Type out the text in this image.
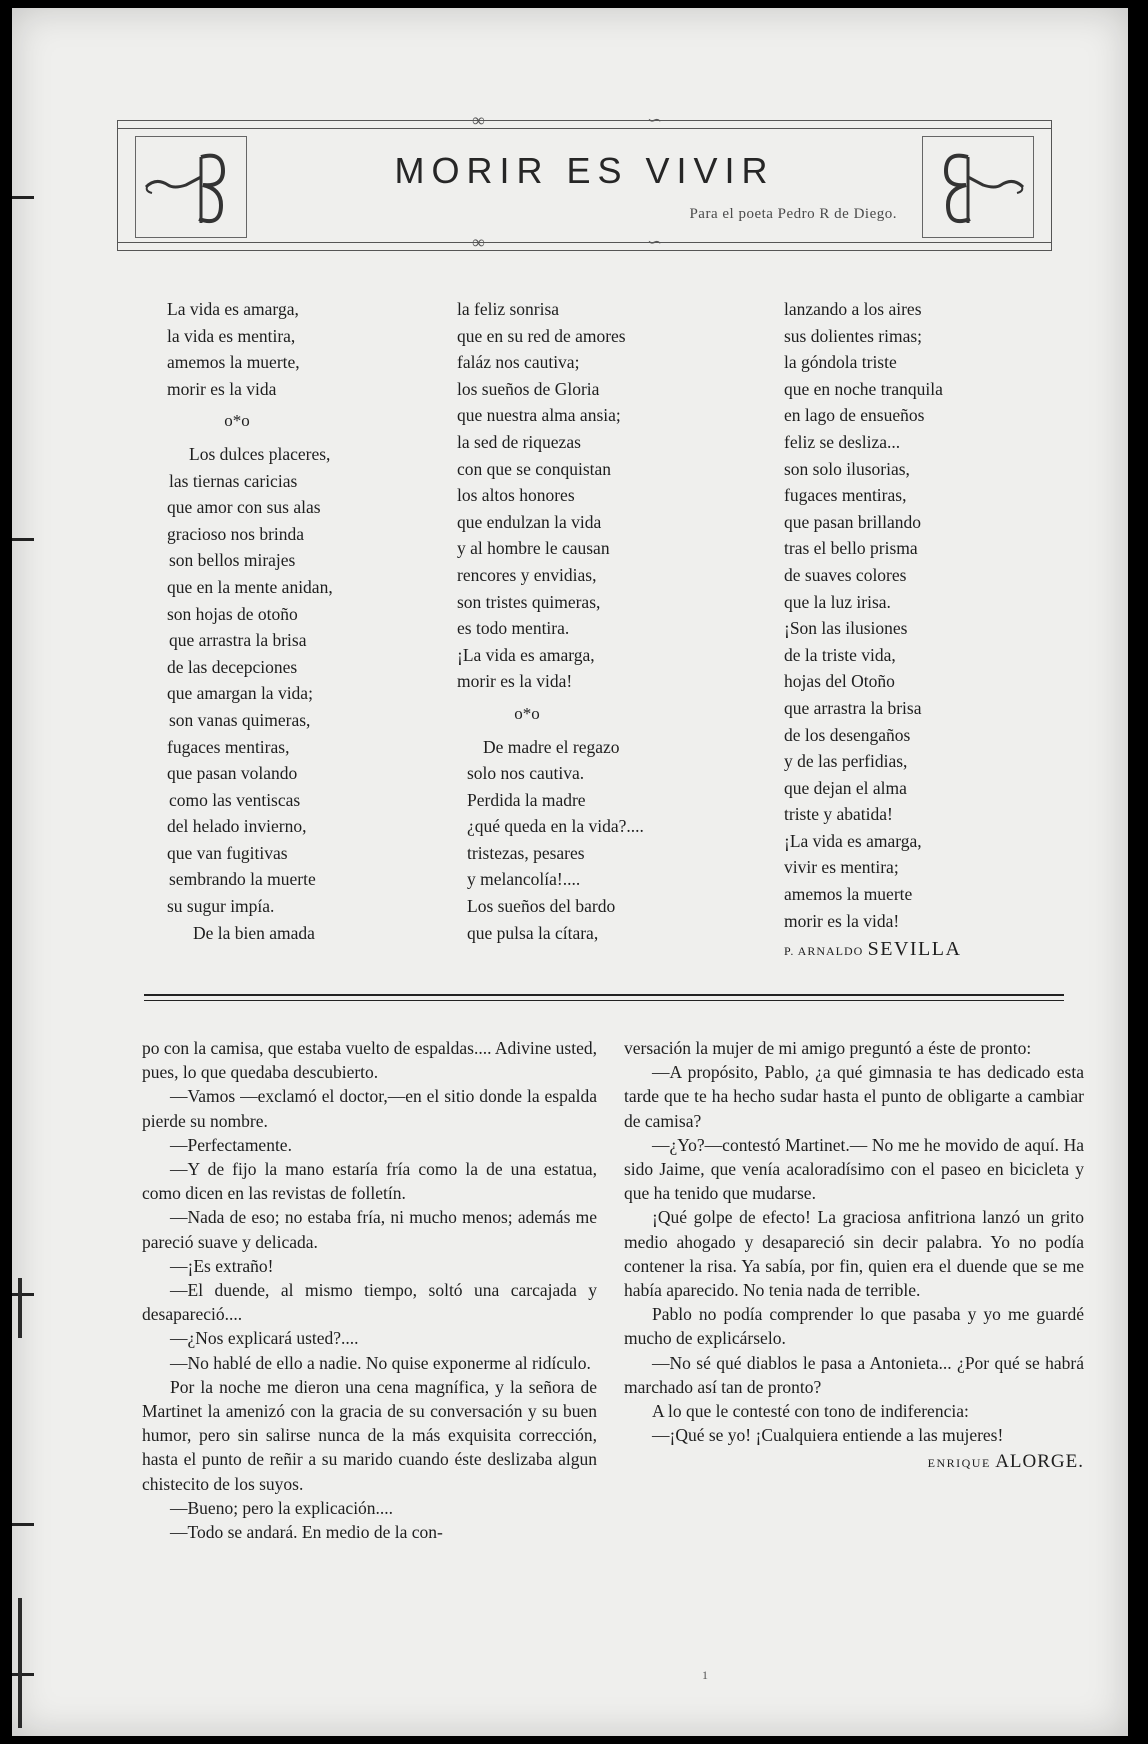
∞	∽
∞	∽
MORIR ES VIVIR
Para el poeta Pedro R de Diego.
La vida es amarga,
la vida es mentira,
amemos la muerte,
morir es la vida
o*o
Los dulces placeres,
las tiernas caricias
que amor con sus alas
gracioso nos brinda
son bellos mirajes
que en la mente anidan,
son hojas de otoño
que arrastra la brisa
de las decepciones
que amargan la vida;
son vanas quimeras,
fugaces mentiras,
que pasan volando
como las ventiscas
del helado invierno,
que van fugitivas
sembrando la muerte
su sugur impía.
De la bien amada
la feliz sonrisa
que en su red de amores
faláz nos cautiva;
los sueños de Gloria
que nuestra alma ansia;
la sed de riquezas
con que se conquistan
los altos honores
que endulzan la vida
y al hombre le causan
rencores y envidias,
son tristes quimeras,
es todo mentira.
¡La vida es amarga,
morir es la vida!
o*o
De madre el regazo
solo nos cautiva.
Perdida la madre
¿qué queda en la vida?....
tristezas, pesares
y melancolía!....
Los sueños del bardo
que pulsa la cítara,
lanzando a los aires
sus dolientes rimas;
la góndola triste
que en noche tranquila
en lago de ensueños
feliz se desliza...
son solo ilusorias,
fugaces mentiras,
que pasan brillando
tras el bello prisma
de suaves colores
que la luz irisa.
¡Son las ilusiones
de la triste vida,
hojas del Otoño
que arrastra la brisa
de los desengaños
y de las perfidias,
que dejan el alma
triste y abatida!
¡La vida es amarga,
vivir es mentira;
amemos la muerte
morir es la vida!
P. ARNALDO SEVILLA

po con la camisa, que estaba vuelto de espaldas.... Adivine usted, pues, lo que quedaba descubierto.

—Vamos —exclamó el doctor,—en el sitio donde la espalda pierde su nombre.

—Perfectamente.

—Y de fijo la mano estaría fría como la de una estatua, como dicen en las revistas de folletín.

—Nada de eso; no estaba fría, ni mucho menos; además me pareció suave y delicada.

—¡Es extraño!

—El duende, al mismo tiempo, soltó una carcajada y desapareció....

—¿Nos explicará usted?....

—No hablé de ello a nadie. No quise exponerme al ridículo.

Por la noche me dieron una cena magnífica, y la señora de Martinet la amenizó con la gracia de su conversación y su buen humor, pero sin salirse nunca de la más exquisita corrección, hasta el punto de reñir a su marido cuando éste deslizaba algun chistecito de los suyos.

—Bueno; pero la explicación....

—Todo se andará. En medio de la con-

versación la mujer de mi amigo preguntó a éste de pronto:

—A propósito, Pablo, ¿a qué gimnasia te has dedicado esta tarde que te ha hecho sudar hasta el punto de obligarte a cambiar de camisa?

—¿Yo?—contestó Martinet.— No me he movido de aquí. Ha sido Jaime, que venía acaloradísimo con el paseo en bicicleta y que ha tenido que mudarse.

¡Qué golpe de efecto! La graciosa anfitriona lanzó un grito medio ahogado y desapareció sin decir palabra. Yo no podía contener la risa. Ya sabía, por fin, quien era el duende que se me había aparecido. No tenia nada de terrible.

Pablo no podía comprender lo que pasaba y yo me guardé mucho de explicárselo.

—No sé qué diablos le pasa a Antonieta... ¿Por qué se habrá marchado así tan de pronto?

A lo que le contesté con tono de indiferencia:

—¡Qué se yo! ¡Cualquiera entiende a las mujeres!

ENRIQUE ALORGE.
1
